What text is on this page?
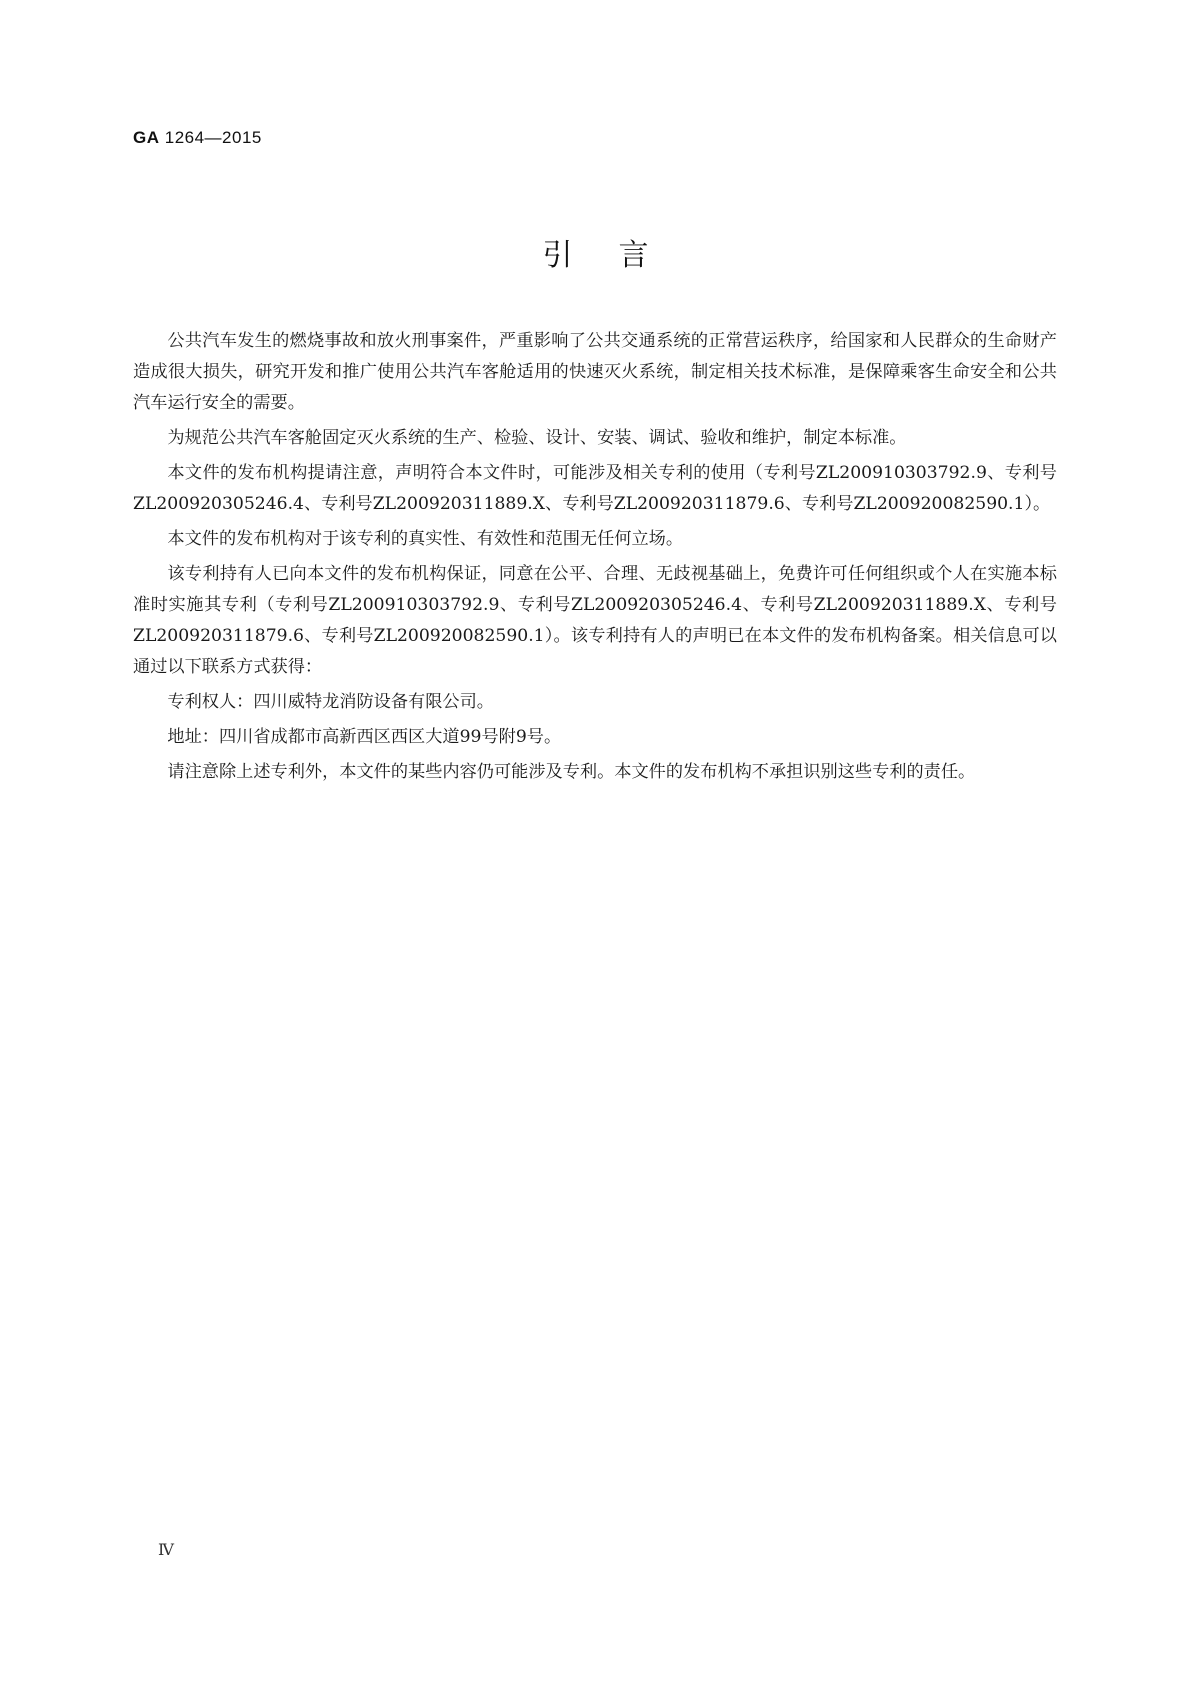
GA 1264—2015
引言

公共汽车发生的燃烧事故和放火刑事案件，严重影响了公共交通系统的正常营运秩序，给国家和人民群众的生命财产造成很大损失，研究开发和推广使用公共汽车客舱适用的快速灭火系统，制定相关技术标准，是保障乘客生命安全和公共汽车运行安全的需要。

为规范公共汽车客舱固定灭火系统的生产、检验、设计、安装、调试、验收和维护，制定本标准。

本文件的发布机构提请注意，声明符合本文件时，可能涉及相关专利的使用（专利号ZL200910303792.9、专利号ZL200920305246.4、专利号ZL200920311889.X、专利号ZL200920311879.6、专利号ZL200920082590.1）。

本文件的发布机构对于该专利的真实性、有效性和范围无任何立场。

该专利持有人已向本文件的发布机构保证，同意在公平、合理、无歧视基础上，免费许可任何组织或个人在实施本标准时实施其专利（专利号ZL200910303792.9、专利号ZL200920305246.4、专利号ZL200920311889.X、专利号ZL200920311879.6、专利号ZL200920082590.1）。该专利持有人的声明已在本文件的发布机构备案。相关信息可以通过以下联系方式获得：

专利权人：四川威特龙消防设备有限公司。

地址：四川省成都市高新西区西区大道99号附9号。

请注意除上述专利外，本文件的某些内容仍可能涉及专利。本文件的发布机构不承担识别这些专利的责任。

Ⅳ
